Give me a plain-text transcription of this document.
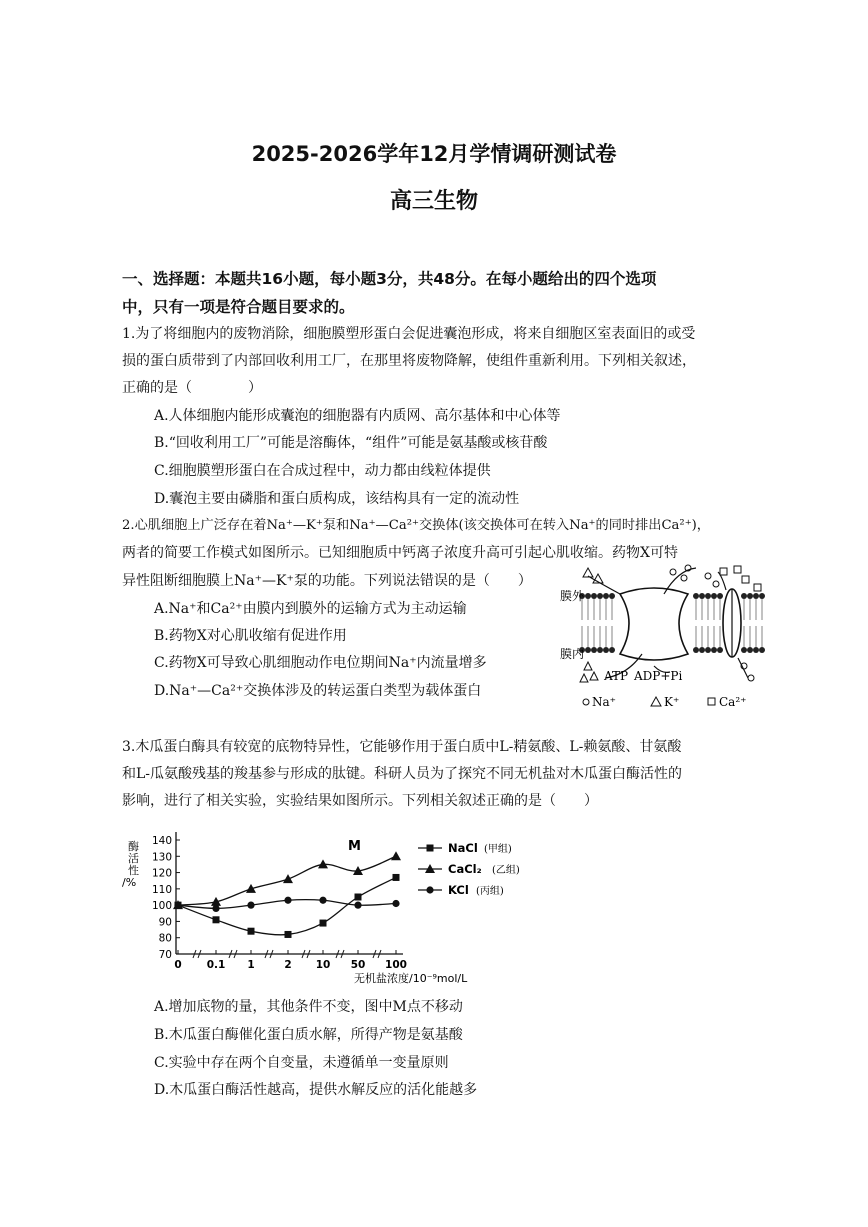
2025-2026学年12月学情调研测试卷
高三生物
一、选择题：本题共16小题，每小题3分，共48分。在每小题给出的四个选项
中，只有一项是符合题目要求的。
1.为了将细胞内的废物消除，细胞膜塑形蛋白会促进囊泡形成，将来自细胞区室表面旧的或受
损的蛋白质带到了内部回收利用工厂，在那里将废物降解，使组件重新利用。下列相关叙述，
正确的是（　　　　）
A.人体细胞内能形成囊泡的细胞器有内质网、高尔基体和中心体等
B.“回收利用工厂”可能是溶酶体，“组件”可能是氨基酸或核苷酸
C.细胞膜塑形蛋白在合成过程中，动力都由线粒体提供
D.囊泡主要由磷脂和蛋白质构成，该结构具有一定的流动性
2.心肌细胞上广泛存在着Na⁺—K⁺泵和Na⁺—Ca²⁺交换体(该交换体可在转入Na⁺的同时排出Ca²⁺)，
两者的简要工作模式如图所示。已知细胞质中钙离子浓度升高可引起心肌收缩。药物X可特
异性阻断细胞膜上Na⁺—K⁺泵的功能。下列说法错误的是（　　）
A.Na⁺和Ca²⁺由膜内到膜外的运输方式为主动运输
B.药物X对心肌收缩有促进作用
C.药物X可导致心肌细胞动作电位期间Na⁺内流量增多
D.Na⁺—Ca²⁺交换体涉及的转运蛋白类型为载体蛋白
膜外
膜内
ATP ADP+Pi
Na⁺	K⁺	Ca²⁺
3.木瓜蛋白酶具有较宽的底物特异性，它能够作用于蛋白质中L-精氨酸、L-赖氨酸、甘氨酸
和L-瓜氨酸残基的羧基参与形成的肽键。科研人员为了探究不同无机盐对木瓜蛋白酶活性的
影响，进行了相关实验，实验结果如图所示。下列相关叙述正确的是（　　）
酶活性/%
70
80
90
100
110
120
130
140
0 0.1 1	2 10 50 100
M	NaCl (甲组)
CaCl₂ (乙组)
KCl (丙组)
无机盐浓度/10⁻⁹mol/L
A.增加底物的量，其他条件不变，图中M点不移动
B.木瓜蛋白酶催化蛋白质水解，所得产物是氨基酸
C.实验中存在两个自变量，未遵循单一变量原则
D.木瓜蛋白酶活性越高，提供水解反应的活化能越多
